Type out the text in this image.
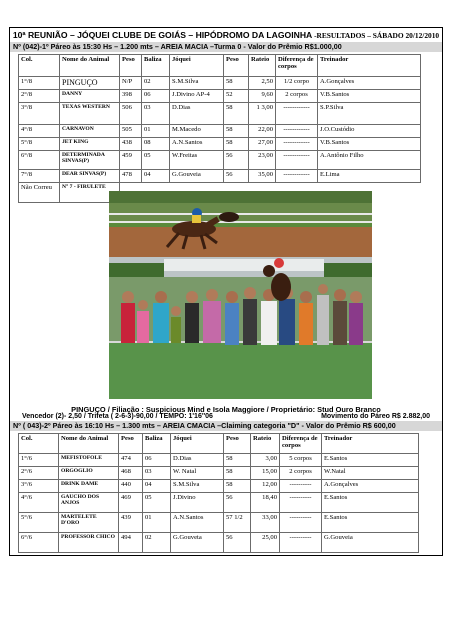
10ª REUNIÃO – JÓQUEI CLUBE DE GOIÁS – HIPÓDROMO DA LAGOINHA -RESULTADOS – SÁBADO 20/12/2010
Nº (042)-1º Páreo às 15:30 Hs – 1.200 mts – AREIA MACIA –Turma 0 - Valor do Prêmio R$1.000,00
Col.	Nome do Animal	Peso	Baliza	Jóquei	Peso	Rateio	Diferença de corpos	Treinador
1°/8	PINGUÇO	N/P	02	S.M.Silva	58	2,50	1/2 corpo	A.Gonçalves
2°/8	DANNY	398	06	J.Divino AP-4	52	9,60	2 corpos	V.B.Santos
3°/8	TEXAS WESTERN	506	03	D.Dias	58	1 3,00	------------	S.P.Silva
4°/8	CARNAVON	505	01	M.Macedo	58	22,00	------------	J.O.Custódio
5°/8	JET KING	438	08	A.N.Santos	58	27,00	------------	V.B.Santos
6°/8	DETERMINADA SINVAS(P)	459	05	W.Freitas	56	23,00	------------	A.Antônio Filho
7°/8	DEAR SINVAS(P)	478	04	G.Gouveia	56	35,00	------------	E.Lima
Não Correu	N° 7 - FIRULETE							
PINGUÇO / Filiação : Suspicious Mind e Isola Maggiore / Proprietário: Stud Ouro Branco
Vencedor (2)- 2,50 / Trifeta ( 2-6-3)-90,00 / TEMPO: 1'16''06	Movimento do Páreo R$ 2.882,00
Nº ( 043)-2º Páreo às 16:10 Hs – 1.300 mts – AREIA CMACIA –Claiming categoria "D" - Valor do Prêmio R$ 600,00
Col.	Nome do Animal	Peso	Baliza	Jóquei	Peso	Rateio	Diferença de corpos	Treinador
1°/6	MEFISTOFOLE	474	06	D.Dias	58	3,00	5 corpos	E.Santos
2°/6	ORGOGLIO	468	03	W. Natal	58	15,00	2 corpos	W.Natal
3°/6	DRINK DAME	440	04	S.M.Silva	58	12,00	----------	A.Gonçalves
4°/6	GAUCHO DOS ANJOS	469	05	J.Divino	56	18,40	----------	E.Santos
5°/6	MARTELETE D'ORO	439	01	A.N.Santos	57 1/2	33,00	----------	E.Santos
6°/6	PROFESSOR CHICO	494	02	G.Gouveta	56	25,00	----------	G.Gouveia
